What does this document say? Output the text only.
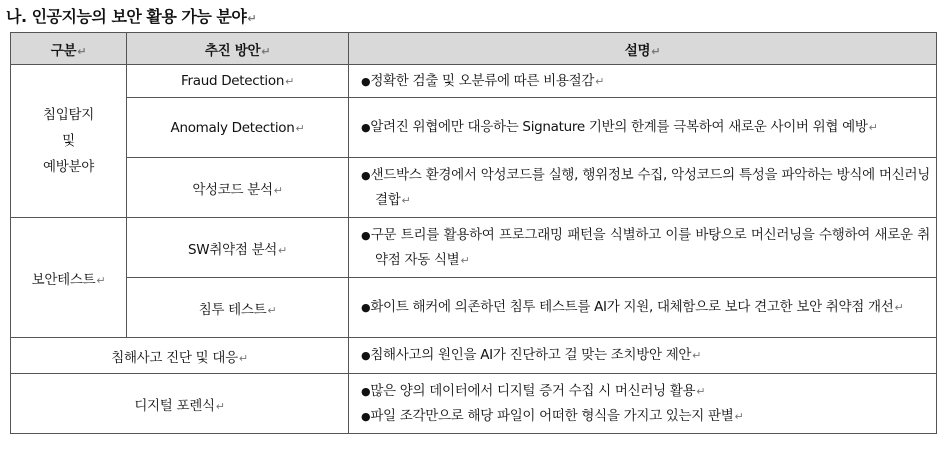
나. 인공지능의 보안 활용 가능 분야↵
구분↵	추진 방안↵	설명↵

침입탐지
및
예방분야	Fraud Detection↵	● 정확한 검출 및 오분류에 따른 비용절감↵

	Anomaly Detection↵	● 알려진 위협에만 대응하는 Signature 기반의 한계를 극복하여 새로운 사이버 위협 예방↵

	악성코드 분석↵	● 샌드박스 환경에서 악성코드를 실행, 행위정보 수집, 악성코드의 특성을 파악하는 방식에 머신러닝 결합↵

보안테스트↵	SW취약점 분석↵	● 구문 트리를 활용하여 프로그래밍 패턴을 식별하고 이를 바탕으로 머신러닝을 수행하여 새로운 취약점 자동 식별↵

	침투 테스트↵	● 화이트 해커에 의존하던 침투 테스트를 AI가 지원, 대체함으로 보다 견고한 보안 취약점 개선↵

침해사고 진단 및 대응↵		● 침해사고의 원인을 AI가 진단하고 걸 맞는 조치방안 제안↵

디지털 포렌식↵		● 많은 양의 데이터에서 디지털 증거 수집 시 머신러닝 활용↵
● 파일 조각만으로 해당 파일이 어떠한 형식을 가지고 있는지 판별↵
